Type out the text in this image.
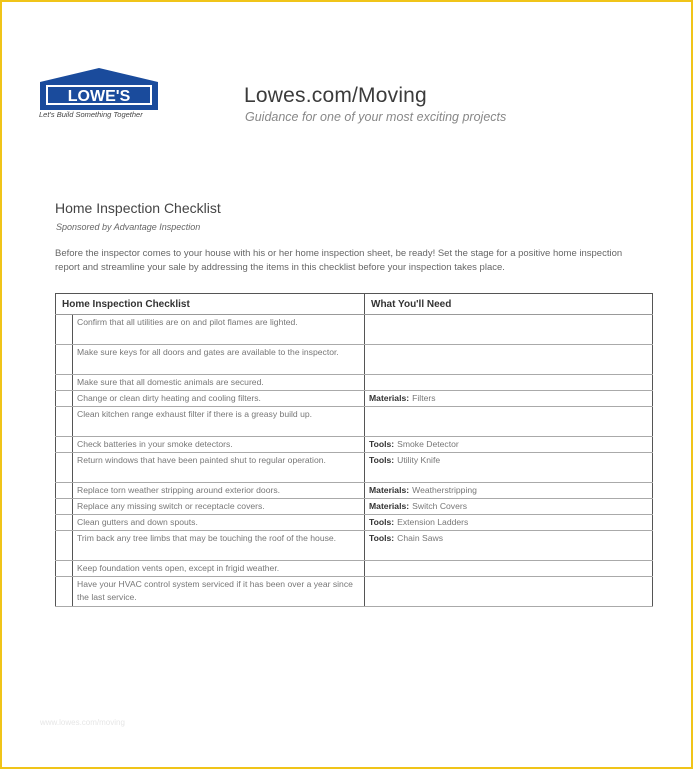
LOWE'S
Let's Build Something Together
Lowes.com/Moving
Guidance for one of your most exciting projects
Home Inspection Checklist
Sponsored by Advantage Inspection
Before the inspector comes to your house with his or her home inspection sheet, be ready! Set the stage for a positive home inspection report and streamline your sale by addressing the items in this checklist before your inspection takes place.
Home Inspection Checklist		What You'll Need
	Confirm that all utilities are on and pilot flames are lighted.	
	Make sure keys for all doors and gates are available to the inspector.	
	Make sure that all domestic animals are secured.	
	Change or clean dirty heating and cooling filters.	Materials: Filters
	Clean kitchen range exhaust filter if there is a greasy build up.	
	Check batteries in your smoke detectors.	Tools: Smoke Detector
	Return windows that have been painted shut to regular operation.	Tools: Utility Knife
	Replace torn weather stripping around exterior doors.	Materials: Weatherstripping
	Replace any missing switch or receptacle covers.	Materials: Switch Covers
	Clean gutters and down spouts.	Tools: Extension Ladders
	Trim back any tree limbs that may be touching the roof of the house.	Tools: Chain Saws
	Keep foundation vents open, except in frigid weather.	
	Have your HVAC control system serviced if it has been over a year since the last service.	
www.lowes.com/moving
